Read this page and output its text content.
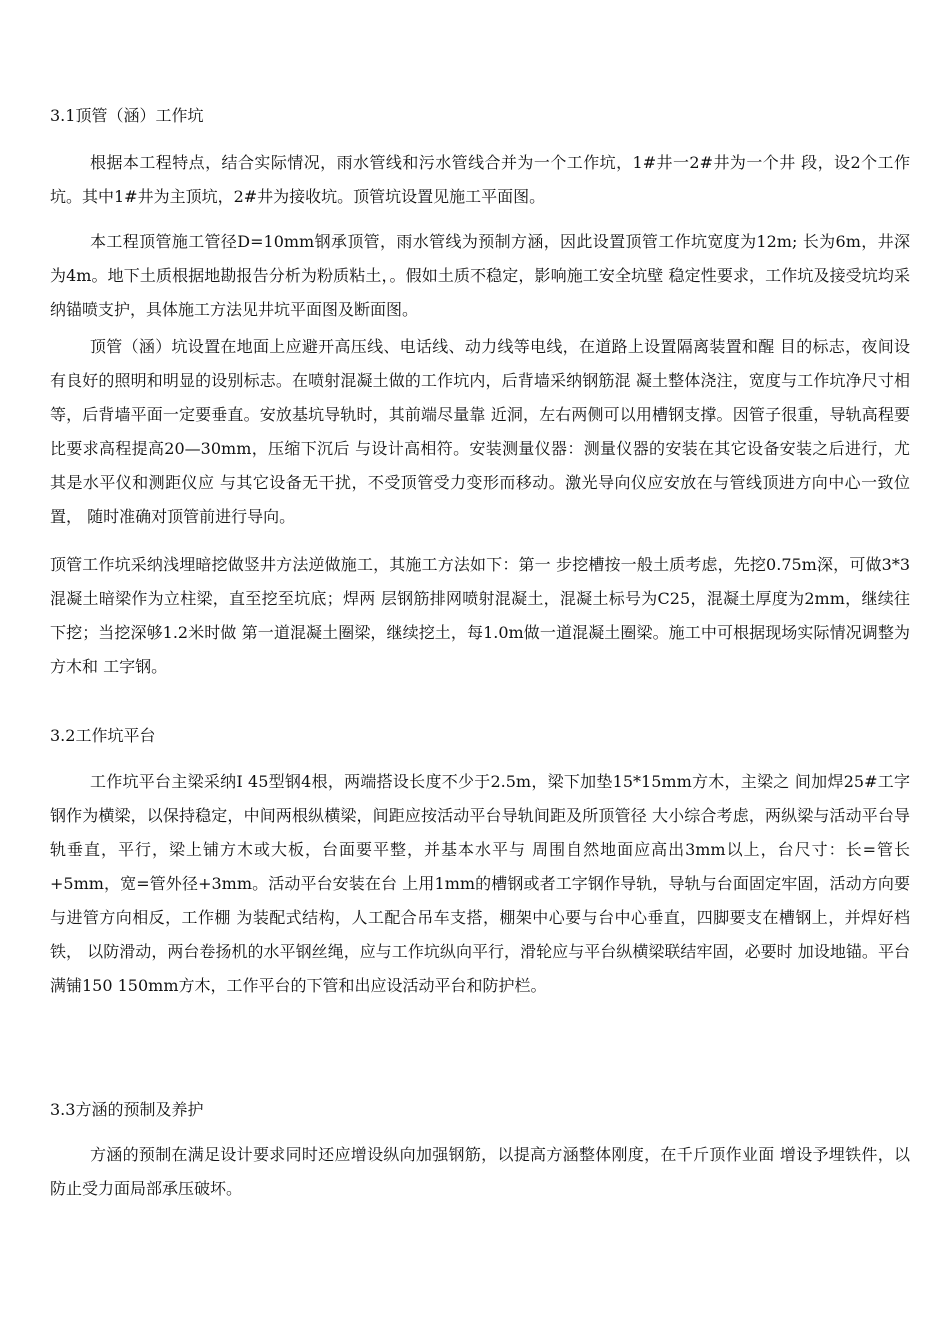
3.1顶管（涵）工作坑

根据本工程特点，结合实际情况，雨水管线和污水管线合并为一个工作坑，1#井一2#井为一个井 段，设2个工作坑。其中1#井为主顶坑，2#井为接收坑。顶管坑设置见施工平面图。

本工程顶管施工管径D=10mm钢承顶管，雨水管线为预制方涵，因此设置顶管工作坑宽度为12m; 长为6m，井深为4m。地下土质根据地勘报告分析为粉质粘土，。假如土质不稳定，影响施工安全坑壁 稳定性要求，工作坑及接受坑均采纳锚喷支护，具体施工方法见井坑平面图及断面图。

顶管（涵）坑设置在地面上应避开高压线、电话线、动力线等电线，在道路上设置隔离装置和醒 目的标志，夜间设有良好的照明和明显的设别标志。在喷射混凝土做的工作坑内，后背墙采纳钢筋混 凝土整体浇注，宽度与工作坑净尺寸相等，后背墙平面一定要垂直。安放基坑导轨时，其前端尽量靠 近洞，左右两侧可以用槽钢支撑。因管子很重，导轨高程要比要求高程提高20—30mm，压缩下沉后 与设计高相符。安装测量仪器：测量仪器的安装在其它设备安装之后进行，尤其是水平仪和测距仪应 与其它设备无干扰，不受顶管受力变形而移动。激光导向仪应安放在与管线顶进方向中心一致位置， 随时准确对顶管前进行导向。

顶管工作坑采纳浅埋暗挖做竖井方法逆做施工，其施工方法如下：第一 步挖槽按一般土质考虑，先挖0.75m深，可做3*3混凝土暗梁作为立柱梁，直至挖至坑底；焊两 层钢筋排网喷射混凝土，混凝土标号为C25，混凝土厚度为2mm，继续往下挖；当挖深够1.2米时做 第一道混凝土圈梁，继续挖土，每1.0m做一道混凝土圈梁。施工中可根据现场实际情况调整为方木和 工字钢。

3.2工作坑平台

工作坑平台主梁采纳I 45型钢4根，两端搭设长度不少于2.5m，梁下加垫15*15mm方木，主梁之 间加焊25#工字钢作为横梁，以保持稳定，中间两根纵横梁，间距应按活动平台导轨间距及所顶管径 大小综合考虑，两纵梁与活动平台导轨垂直，平行，梁上铺方木或大板，台面要平整，并基本水平与 周围自然地面应高出3mm以上，台尺寸：长=管长+5mm，宽=管外径+3mm。活动平台安装在台 上用1mm的槽钢或者工字钢作导轨，导轨与台面固定牢固，活动方向要与进管方向相反，工作棚 为装配式结构，人工配合吊车支搭，棚架中心要与台中心垂直，四脚要支在槽钢上，并焊好档铁， 以防滑动，两台卷扬机的水平钢丝绳，应与工作坑纵向平行，滑轮应与平台纵横梁联结牢固，必要时 加设地锚。平台满铺150 150mm方木，工作平台的下管和出应设活动平台和防护栏。

3.3方涵的预制及养护

方涵的预制在满足设计要求同时还应增设纵向加强钢筋，以提高方涵整体刚度，在千斤顶作业面 增设予埋铁件，以防止受力面局部承压破坏。
